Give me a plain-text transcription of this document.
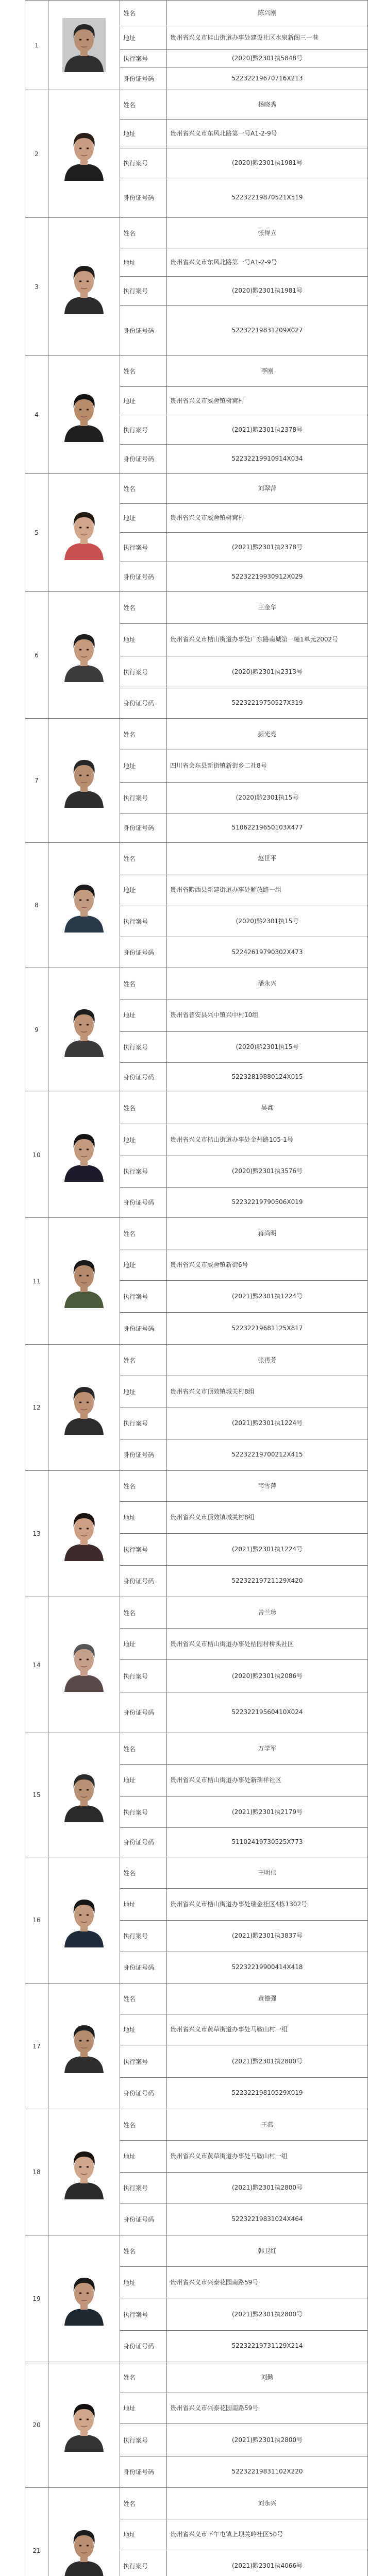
1		姓名	陈兴刚

		地址	贵州省兴义市桂山街道办事处建设社区水泉新阁三一巷

		执行案号	(2020)黔2301执5848号

		身份证号码	52232219670716X213

2		姓名	杨晓秀

		地址	贵州省兴义市东风北路第一号A1-2-9号

		执行案号	(2020)黔2301执1981号

		身份证号码	52232219870521X519

3		姓名	张得立

		地址	贵州省兴义市东风北路第一号A1-2-9号

		执行案号	(2020)黔2301执1981号

		身份证号码	52232219831209X027

4		姓名	李刚

		地址	贵州省兴义市威舍镇树窝村

		执行案号	(2021)黔2301执2378号

		身份证号码	52232219910914X034

5		姓名	刘翠萍

		地址	贵州省兴义市威舍镇树窝村

		执行案号	(2021)黔2301执2378号

		身份证号码	52232219930912X029

6		姓名	王金华

		地址	贵州省兴义市桔山街道办事处广东路南城第一幢1单元2002号

		执行案号	(2020)黔2301执2313号

		身份证号码	52232219750527X319

7		姓名	彭光亮

		地址	四川省会东县新街镇新街乡二社8号

		执行案号	(2020)黔2301执15号

		身份证号码	51062219650103X477

8		姓名	赵世平

		地址	贵州省黔西县新建街道办事处解放路一组

		执行案号	(2020)黔2301执15号

		身份证号码	52242619790302X473

9		姓名	潘永兴

		地址	贵州省普安县兴中镇兴中村10组

		执行案号	(2020)黔2301执15号

		身份证号码	52232819880124X015

10		姓名	吴鑫

		地址	贵州省兴义市桔山街道办事处金州路105-1号

		执行案号	(2020)黔2301执3576号

		身份证号码	52232219790506X019

11		姓名	蒋尚明

		地址	贵州省兴义市威舍镇新街6号

		执行案号	(2021)黔2301执1224号

		身份证号码	52232219681125X817

12		姓名	张再芳

		地址	贵州省兴义市顶效镇城关村8组

		执行案号	(2021)黔2301执1224号

		身份证号码	52232219700212X415

13		姓名	韦雪萍

		地址	贵州省兴义市顶效镇城关村8组

		执行案号	(2021)黔2301执1224号

		身份证号码	52232219721129X420

14		姓名	曾兰珍

		地址	贵州省兴义市桔山街道办事处桔园村桥头社区

		执行案号	(2020)黔2301执2086号

		身份证号码	52232219560410X024

15		姓名	万学军

		地址	贵州省兴义市桔山街道办事处新瑞祥社区

		执行案号	(2021)黔2301执2179号

		身份证号码	51102419730525X773

16		姓名	王明伟

		地址	贵州省兴义市桔山街道办事处瑞金社区4栋1302号

		执行案号	(2021)黔2301执3837号

		身份证号码	52232219900414X418

17		姓名	黄德强

		地址	贵州省兴义市黄草街道办事处马鞍山村一组

		执行案号	(2021)黔2301执2800号

		身份证号码	52232219810529X019

18		姓名	王燕

		地址	贵州省兴义市黄草街道办事处马鞍山村一组

		执行案号	(2021)黔2301执2800号

		身份证号码	52232219831024X464

19		姓名	韩卫红

		地址	贵州省兴义市兴泰花园南路59号

		执行案号	(2021)黔2301执2800号

		身份证号码	52232219731129X214

20		姓名	刘勤

		地址	贵州省兴义市兴泰花园南路59号

		执行案号	(2021)黔2301执2800号

		身份证号码	52232219831102X220

21		姓名	刘永兴

		地址	贵州省兴义市下午屯镇上坝关岭社区50号

		执行案号	(2021)黔2301执4066号
